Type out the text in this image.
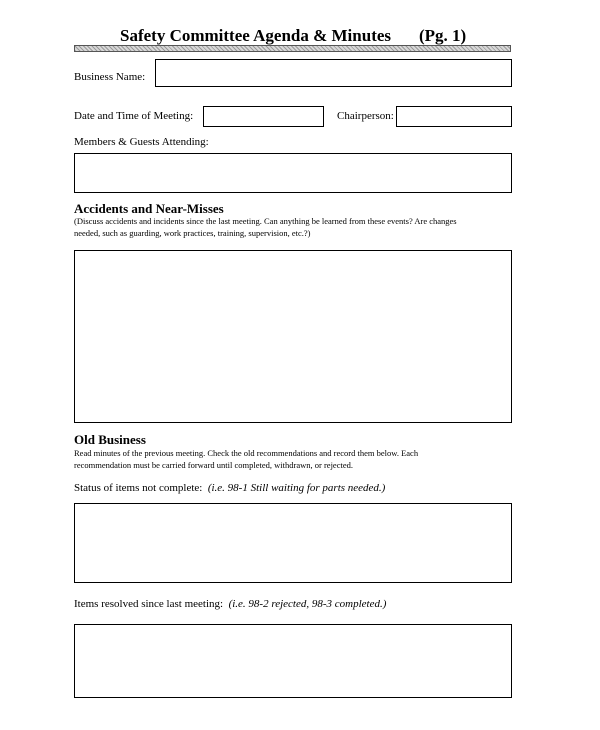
Safety Committee Agenda & Minutes (Pg. 1)
Business Name:
Date and Time of Meeting:	Chairperson:
Members & Guests Attending:
Accidents and Near-Misses
(Discuss accidents and incidents since the last meeting. Can anything be learned from these events? Are changes
needed, such as guarding, work practices, training, supervision, etc.?)
Old Business
Read minutes of the previous meeting. Check the old recommendations and record them below. Each
recommendation must be carried forward until completed, withdrawn, or rejected.
Status of items not complete: (i.e. 98-1 Still waiting for parts needed.)
Items resolved since last meeting: (i.e. 98-2 rejected, 98-3 completed.)
